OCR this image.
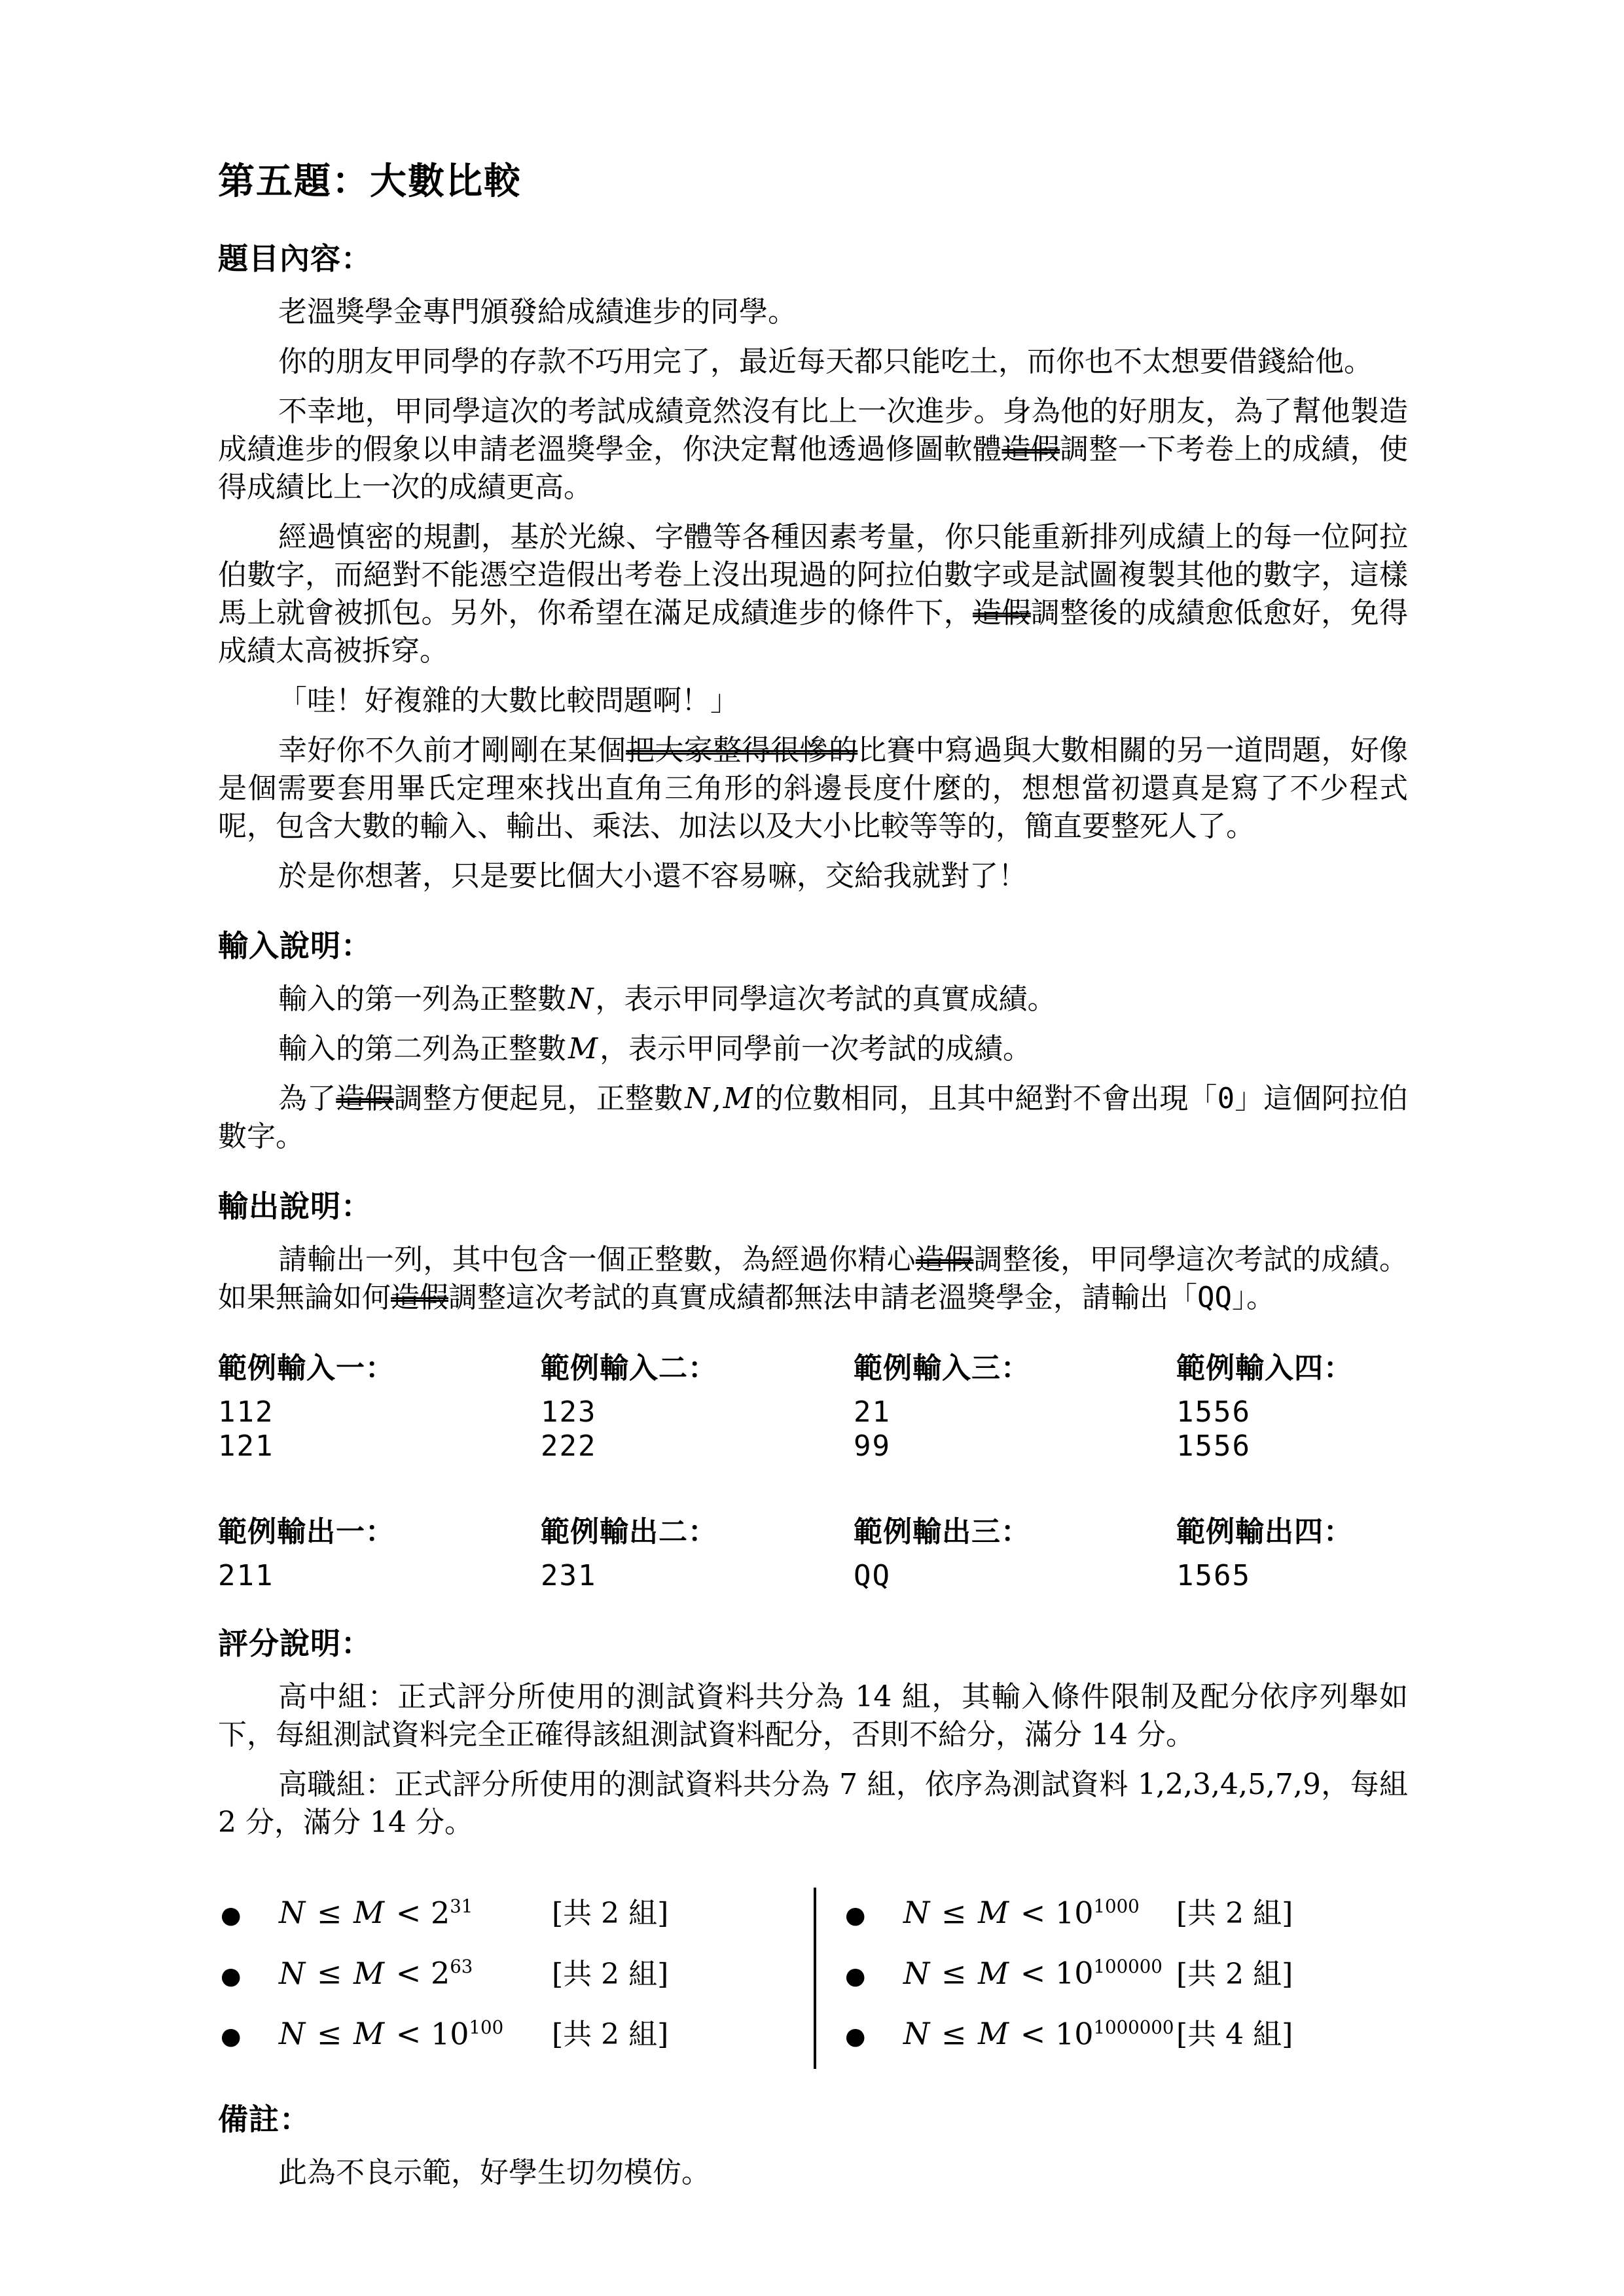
第五題：大數比較
題目內容：

老溫獎學金專門頒發給成績進步的同學。

你的朋友甲同學的存款不巧用完了，最近每天都只能吃土，而你也不太想要借錢給他。

不幸地，甲同學這次的考試成績竟然沒有比上一次進步。身為他的好朋友，為了幫他製造成績進步的假象以申請老溫獎學金，你決定幫他透過修圖軟體造假調整一下考卷上的成績，使得成績比上一次的成績更高。

經過慎密的規劃，基於光線、字體等各種因素考量，你只能重新排列成績上的每一位阿拉伯數字，而絕對不能憑空造假出考卷上沒出現過的阿拉伯數字或是試圖複製其他的數字，這樣馬上就會被抓包。另外，你希望在滿足成績進步的條件下，造假調整後的成績愈低愈好，免得成績太高被拆穿。

「哇！好複雜的大數比較問題啊！」

幸好你不久前才剛剛在某個把大家整得很慘的比賽中寫過與大數相關的另一道問題，好像是個需要套用畢氏定理來找出直角三角形的斜邊長度什麼的，想想當初還真是寫了不少程式呢，包含大數的輸入、輸出、乘法、加法以及大小比較等等的，簡直要整死人了。

於是你想著，只是要比個大小還不容易嘛，交給我就對了！

輸入說明：

輸入的第一列為正整數N，表示甲同學這次考試的真實成績。

輸入的第二列為正整數M，表示甲同學前一次考試的成績。

為了造假調整方便起見，正整數N,M的位數相同，且其中絕對不會出現「0」這個阿拉伯數字。

輸出說明：

請輸出一列，其中包含一個正整數，為經過你精心造假調整後，甲同學這次考試的成績。如果無論如何造假調整這次考試的真實成績都無法申請老溫獎學金，請輸出「QQ」。

範例輸入一：
112
121
範例輸入二：
123
222
範例輸入三：
21
99
範例輸入四：
1556
1556
範例輸出一：
211
範例輸出二：
231
範例輸出三：
QQ
範例輸出四：
1565
評分說明：

高中組：正式評分所使用的測試資料共分為 14 組，其輸入條件限制及配分依序列舉如下，每組測試資料完全正確得該組測試資料配分，否則不給分，滿分 14 分。

高職組：正式評分所使用的測試資料共分為 7 組，依序為測試資料 1,2,3,4,5,7,9，每組 2 分，滿分 14 分。

●	$N \le M < 2^{31}$	[共 2 組]
●	$N \le M < 2^{63}$	[共 2 組]
●	$N \le M < 10^{100}$	[共 2 組]
●	$N \le M < 10^{1000}$	[共 2 組]
●	$N \le M < 10^{100000}$ [共 2 組]
●	$N \le M < 10^{1000000}$ [共 4 組]
備註：

此為不良示範，好學生切勿模仿。
